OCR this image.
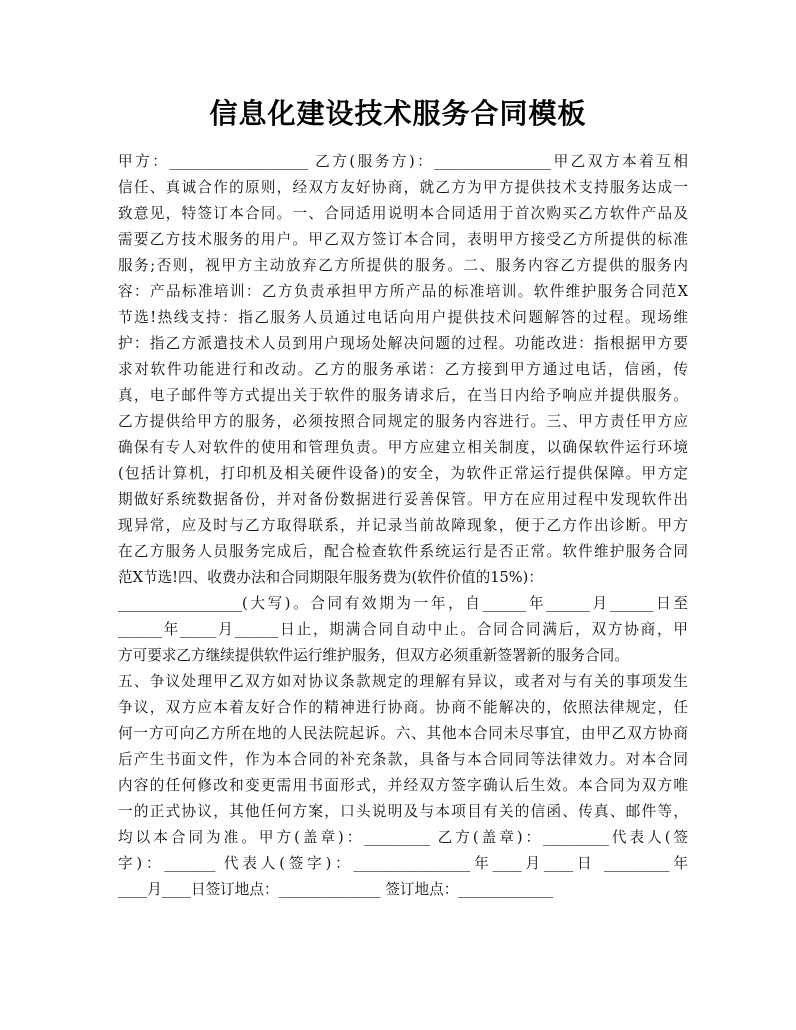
信息化建设技术服务合同模板
甲方：___________________ 乙方(服务方)：________________甲乙双方本着互相
信任、真诚合作的原则，经双方友好协商，就乙方为甲方提供技术支持服务达成一
致意见，特签订本合同。一、合同适用说明本合同适用于首次购买乙方软件产品及
需要乙方技术服务的用户。甲乙双方签订本合同，表明甲方接受乙方所提供的标准
服务;否则，视甲方主动放弃乙方所提供的服务。二、服务内容乙方提供的服务内
容：产品标准培训：乙方负责承担甲方所产品的标准培训。软件维护服务合同范X
节选!热线支持：指乙服务人员通过电话向用户提供技术问题解答的过程。现场维
护：指乙方派遣技术人员到用户现场处解决问题的过程。功能改进：指根据甲方要
求对软件功能进行和改动。乙方的服务承诺：乙方接到甲方通过电话，信函，传
真，电子邮件等方式提出关于软件的服务请求后，在当日内给予响应并提供服务。
乙方提供给甲方的服务，必须按照合同规定的服务内容进行。三、甲方责任甲方应
确保有专人对软件的使用和管理负责。甲方应建立相关制度，以确保软件运行环境
(包括计算机，打印机及相关硬件设备)的安全，为软件正常运行提供保障。甲方定
期做好系统数据备份，并对备份数据进行妥善保管。甲方在应用过程中发现软件出
现异常，应及时与乙方取得联系，并记录当前故障现象，便于乙方作出诊断。甲方
在乙方服务人员服务完成后，配合检查软件系统运行是否正常。软件维护服务合同
范X节选!四、收费办法和合同期限年服务费为(软件价值的15%)：
_________________(大写)。合同有效期为一年，自______年______月______日至
______年_____月______日止，期满合同自动中止。合同合同满后，双方协商，甲
方可要求乙方继续提供软件运行维护服务，但双方必须重新签署新的服务合同。
五、争议处理甲乙双方如对协议条款规定的理解有异议，或者对与有关的事项发生
争议，双方应本着友好合作的精神进行协商。协商不能解决的，依照法律规定，任
何一方可向乙方所在地的人民法院起诉。六、其他本合同未尽事宜，由甲乙双方协商
后产生书面文件，作为本合同的补充条款，具备与本合同同等法律效力。对本合同
内容的任何修改和变更需用书面形式，并经双方签字确认后生效。本合同为双方唯
一的正式协议，其他任何方案，口头说明及与本项目有关的信函、传真、邮件等，
均以本合同为准。甲方(盖章)：_________ 乙方(盖章)：_________代表人(签
字)：_______ 代表人(签字)：________________年____月____日 _________年
____月____日签订地点：______________ 签订地点：_____________
